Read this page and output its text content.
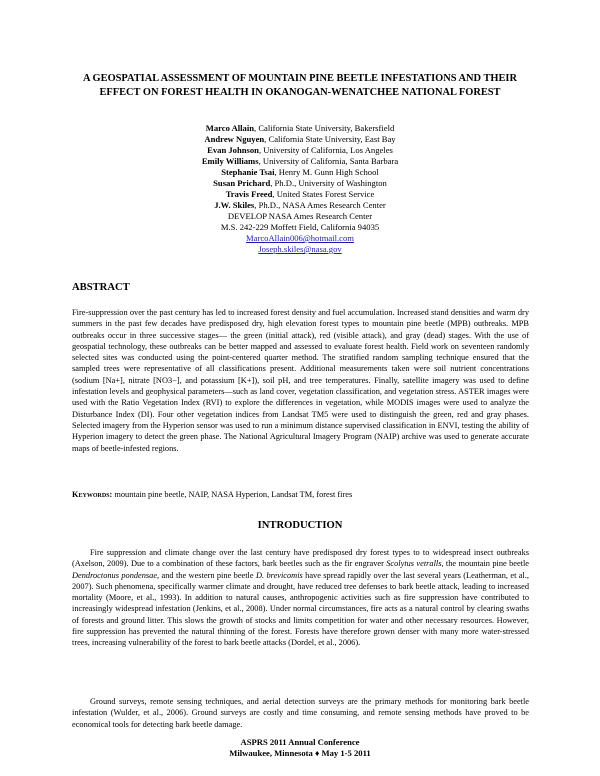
A GEOSPATIAL ASSESSMENT OF MOUNTAIN PINE BEETLE INFESTATIONS AND THEIR EFFECT ON FOREST HEALTH IN OKANOGAN-WENATCHEE NATIONAL FOREST
Marco Allain, California State University, Bakersfield
Andrew Nguyen, California State University, East Bay
Evan Johnson, University of California, Los Angeles
Emily Williams, University of California, Santa Barbara
Stephanie Tsai, Henry M. Gunn High School
Susan Prichard, Ph.D., University of Washington
Travis Freed, United States Forest Service
J.W. Skiles, Ph.D., NASA Ames Research Center
DEVELOP NASA Ames Research Center
M.S. 242-229 Moffett Field, California 94035
MarcoAllain006@hotmail.com
Joseph.skiles@nasa.gov
ABSTRACT

Fire-suppression over the past century has led to increased forest density and fuel accumulation. Increased stand densities and warm dry summers in the past few decades have predisposed dry, high elevation forest types to mountain pine beetle (MPB) outbreaks. MPB outbreaks occur in three successive stages— the green (initial attack), red (visible attack), and gray (dead) stages. With the use of geospatial technology, these outbreaks can be better mapped and assessed to evaluate forest health. Field work on seventeen randomly selected sites was conducted using the point-centered quarter method. The stratified random sampling technique ensured that the sampled trees were representative of all classifications present. Additional measurements taken were soil nutrient concentrations (sodium [Na+], nitrate [NO3−], and potassium [K+]), soil pH, and tree temperatures. Finally, satellite imagery was used to define infestation levels and geophysical parameters—such as land cover, vegetation classification, and vegetation stress. ASTER images were used with the Ratio Vegetation Index (RVI) to explore the differences in vegetation, while MODIS images were used to analyze the Disturbance Index (DI). Four other vegetation indices from Landsat TM5 were used to distinguish the green, red and gray phases. Selected imagery from the Hyperion sensor was used to run a minimum distance supervised classification in ENVI, testing the ability of Hyperion imagery to detect the green phase. The National Agricultural Imagery Program (NAIP) archive was used to generate accurate maps of beetle-infested regions.

Keywords: mountain pine beetle, NAIP, NASA Hyperion, Landsat TM, forest fires

INTRODUCTION

Fire suppression and climate change over the last century have predisposed dry forest types to to widespread insect outbreaks (Axelson, 2009). Due to a combination of these factors, bark beetles such as the fir engraver Scolytus vetralls, the mountain pine beetle Dendroctonus pondensae, and the western pine beetle D. brevicomis have spread rapidly over the last several years (Leatherman, et al., 2007). Such phenomena, specifically warmer climate and drought, have reduced tree defenses to bark beetle attack, leading to increased mortality (Moore, et al., 1993). In addition to natural causes, anthropogenic activities such as fire suppression have contributed to increasingly widespread infestation (Jenkins, et al., 2008). Under normal circumstances, fire acts as a natural control by clearing swaths of forests and ground litter. This slows the growth of stocks and limits competition for water and other necessary resources. However, fire suppression has prevented the natural thinning of the forest. Forests have therefore grown denser with many more water-stressed trees, increasing vulnerability of the forest to bark beetle attacks (Dordel, et al., 2006).

Ground surveys, remote sensing techniques, and aerial detection surveys are the primary methods for monitoring bark beetle infestation (Wulder, et al., 2006). Ground surveys are costly and time consuming, and remote sensing methods have proved to be economical tools for detecting bark beetle damage.

ASPRS 2011 Annual Conference
Milwaukee, Minnesota ♦ May 1-5 2011
